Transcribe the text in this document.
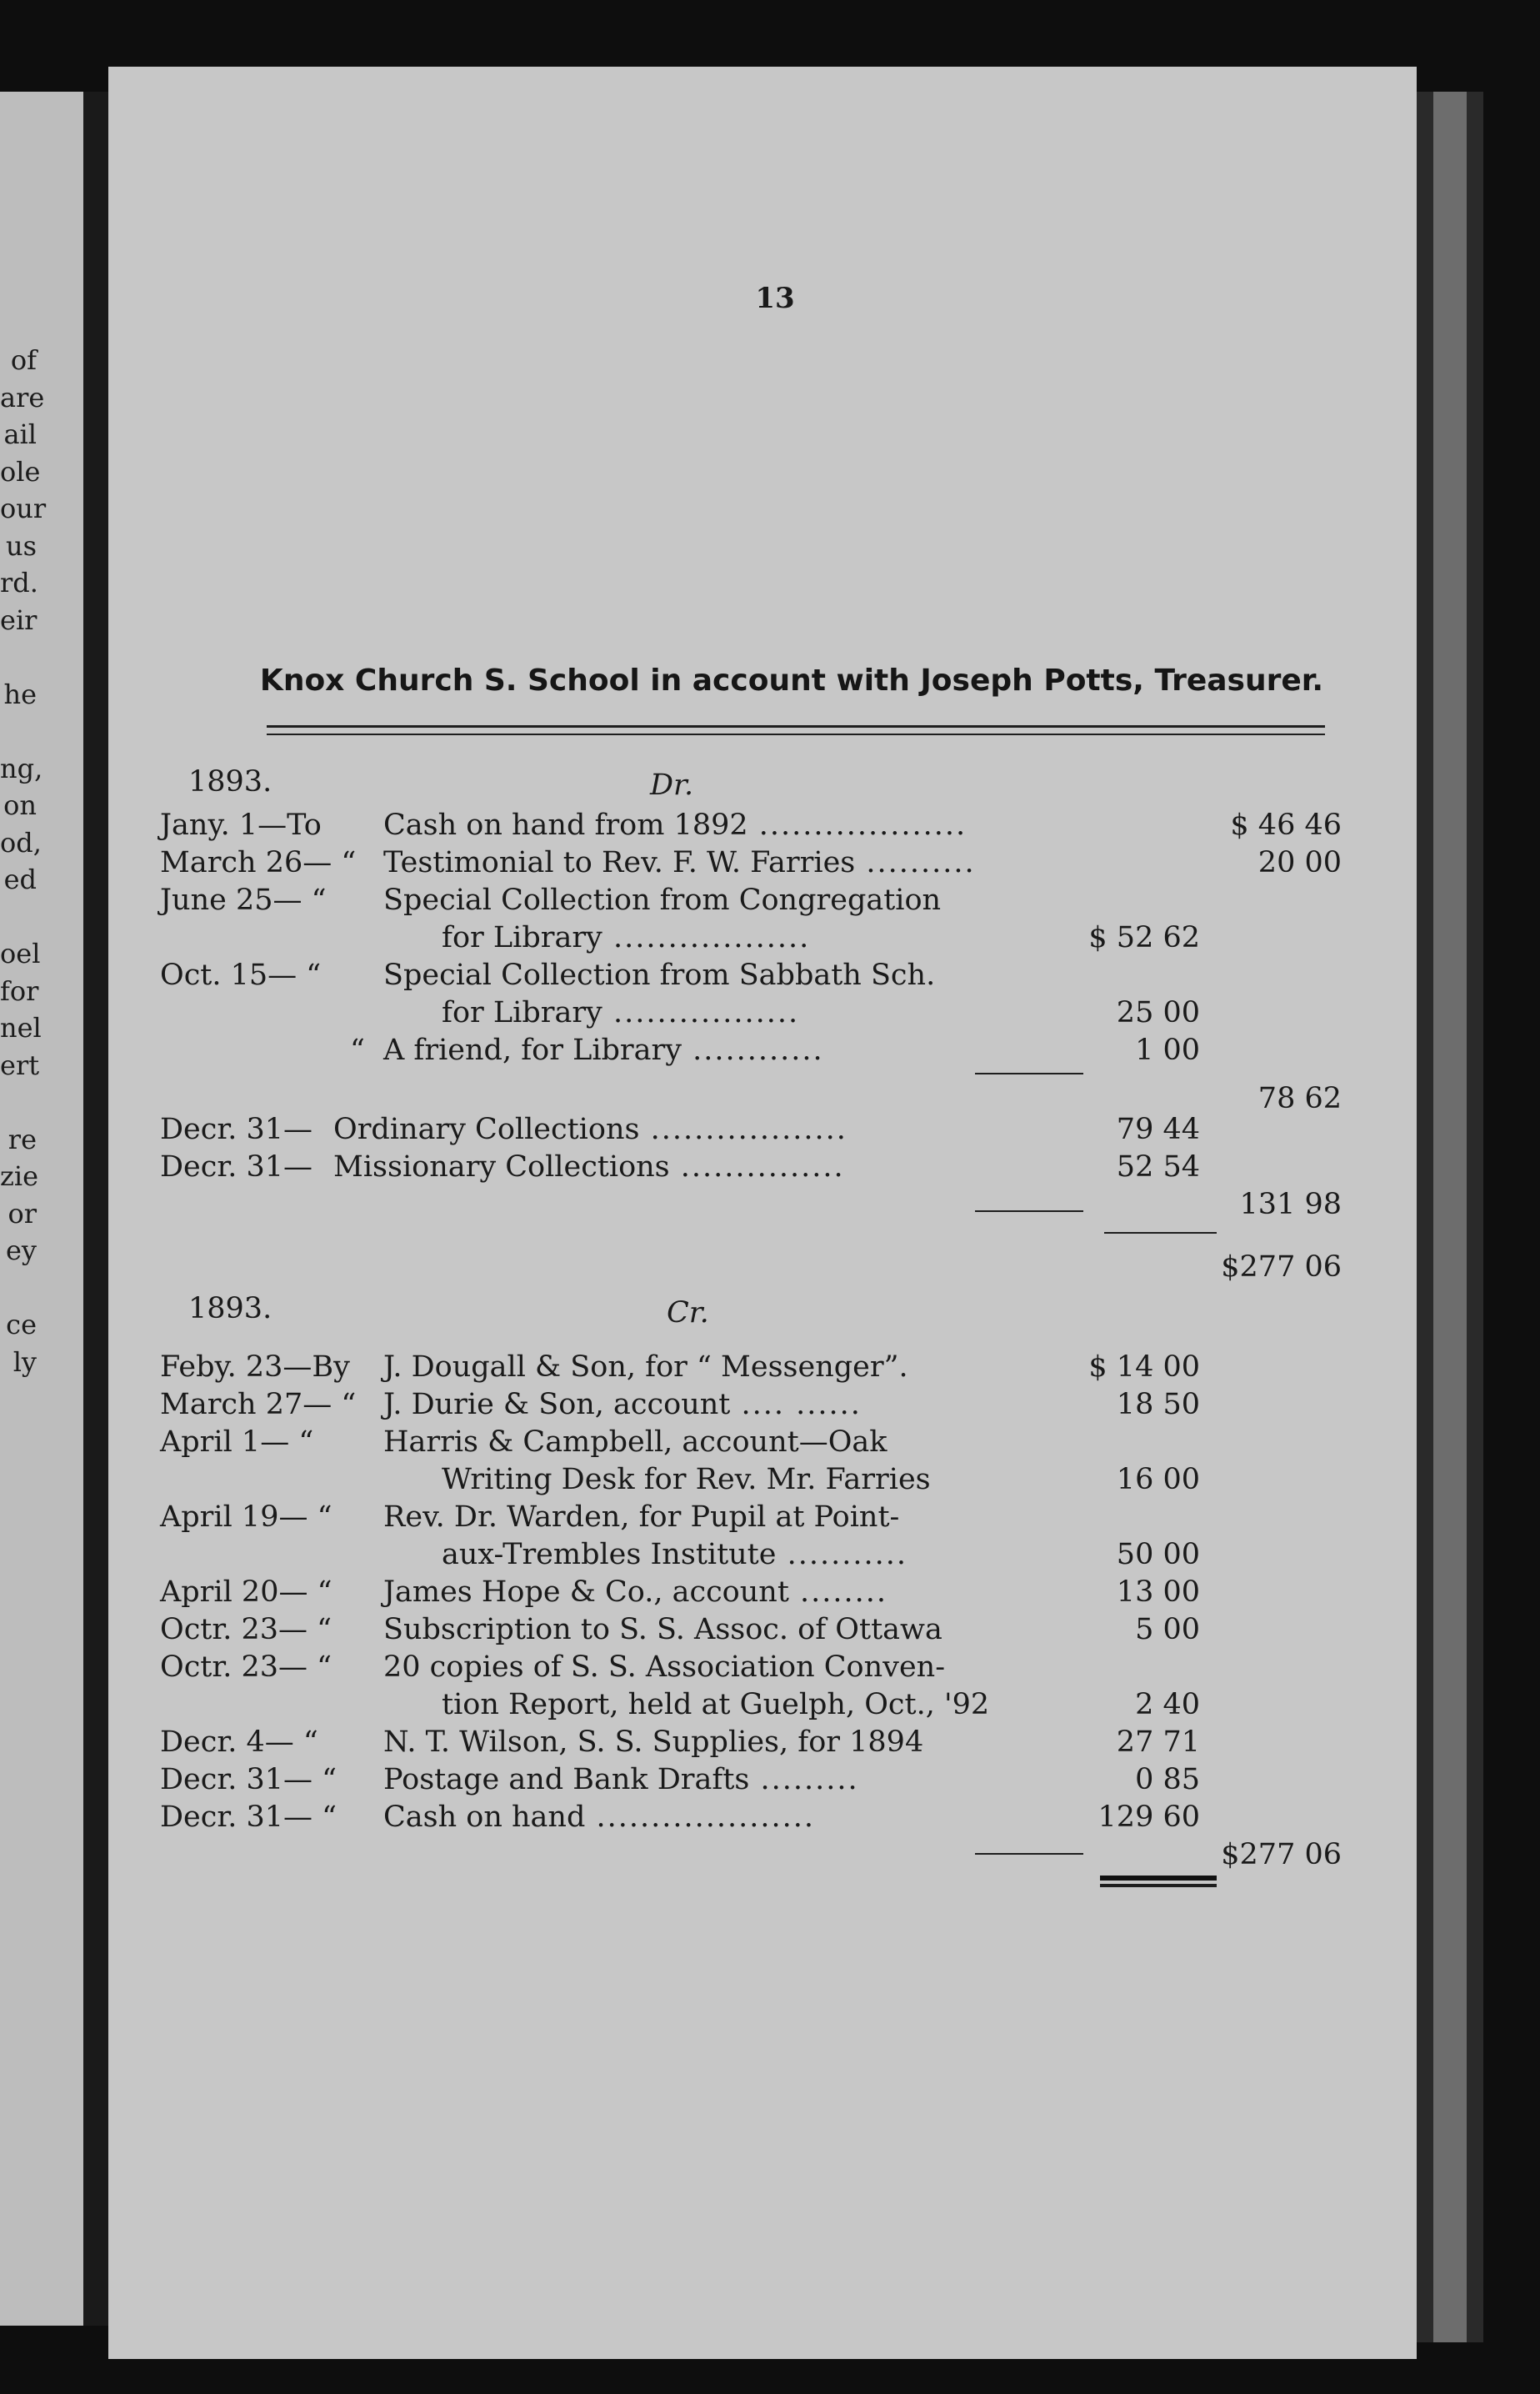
of
are
ail
ole
our
us
rd.
eir
he
ng,
on
od,
ed
oel
for
nel
ert
re
zie
or
ey
ce
ly
13
Knox Church S. School in account with Joseph Potts, Treasurer.
1893.	Dr.
Jany. 1—To Cash on hand from 1892 ...................	$ 46 46
March 26— “ Testimonial to Rev. F. W. Farries ..........	20 00
June 25— “ Special Collection from Congregation
for Library ..................	$ 52 62
Oct. 15— “ Special Collection from Sabbath Sch.
for Library .................	25 00
“ A friend, for Library ............	1 00
78 62
Decr. 31— Ordinary Collections ..................	79 44
Decr. 31— Missionary Collections ...............	52 54
131 98
$277 06
1893.	Cr.
Feby. 23—By J. Dougall & Son, for “ Messenger”.	$ 14 00
March 27— “ J. Durie & Son, account .... ......	18 50
April 1— “ Harris & Campbell, account—Oak
Writing Desk for Rev. Mr. Farries	16 00
April 19— “ Rev. Dr. Warden, for Pupil at Point-
aux-Trembles Institute ...........	50 00
April 20— “ James Hope & Co., account ........	13 00
Octr. 23— “ Subscription to S. S. Assoc. of Ottawa	5 00
Octr. 23— “ 20 copies of S. S. Association Conven-
tion Report, held at Guelph, Oct., '92	2 40
Decr. 4— “ N. T. Wilson, S. S. Supplies, for 1894	27 71
Decr. 31— “ Postage and Bank Drafts .........	0 85
Decr. 31— “ Cash on hand ....................	129 60
$277 06
